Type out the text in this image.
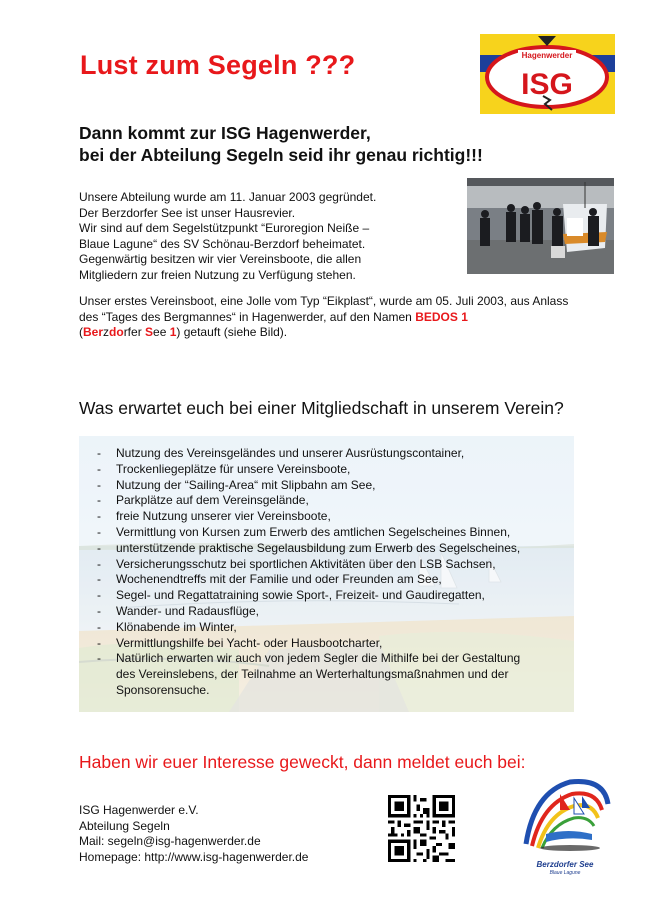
Lust zum Segeln ???	Hagenwerder
ISG
Dann kommt zur ISG Hagenwerder,
bei der Abteilung Segeln seid ihr genau richtig!!!
Unsere Abteilung wurde am 11. Januar 2003 gegründet.
Der Berzdorfer See ist unser Hausrevier.
Wir sind auf dem Segelstützpunkt “Euroregion Neiße –
Blaue Lagune“ des SV Schönau-Berzdorf beheimatet.
Gegenwärtig besitzen wir vier Vereinsboote, die allen
Mitgliedern zur freien Nutzung zu Verfügung stehen.
Unser erstes Vereinsboot, eine Jolle vom Typ “Eikplast“, wurde am 05. Juli 2003, aus Anlass
des “Tages des Bergmannes“ in Hagenwerder, auf den Namen BEDOS 1
(Berzdorfer See 1) getauft (siehe Bild).
Was erwartet euch bei einer Mitgliedschaft in unserem Verein?
- Nutzung des Vereinsgeländes und unserer Ausrüstungscontainer,
- Trockenliegeplätze für unsere Vereinsboote,
- Nutzung der “Sailing-Area“ mit Slipbahn am See,
- Parkplätze auf dem Vereinsgelände,
- freie Nutzung unserer vier Vereinsboote,
- Vermittlung von Kursen zum Erwerb des amtlichen Segelscheines Binnen,
- unterstützende praktische Segelausbildung zum Erwerb des Segelscheines,
- Versicherungsschutz bei sportlichen Aktivitäten über den LSB Sachsen,
- Wochenendtreffs mit der Familie und oder Freunden am See,
- Segel- und Regattatraining sowie Sport-, Freizeit- und Gaudiregatten,
- Wander- und Radausflüge,
- Klönabende im Winter,
- Vermittlungshilfe bei Yacht- oder Hausbootcharter,
- Natürlich erwarten wir auch von jedem Segler die Mithilfe bei der Gestaltung
des Vereinslebens, der Teilnahme an Werterhaltungsmaßnahmen und der
Sponsorensuche.
Haben wir euer Interesse geweckt, dann meldet euch bei:
ISG Hagenwerder e.V.
Abteilung Segeln
Mail: segeln@isg-hagenwerder.de
Homepage: http://www.isg-hagenwerder.de
Berzdorfer See
Blaue Lagune
